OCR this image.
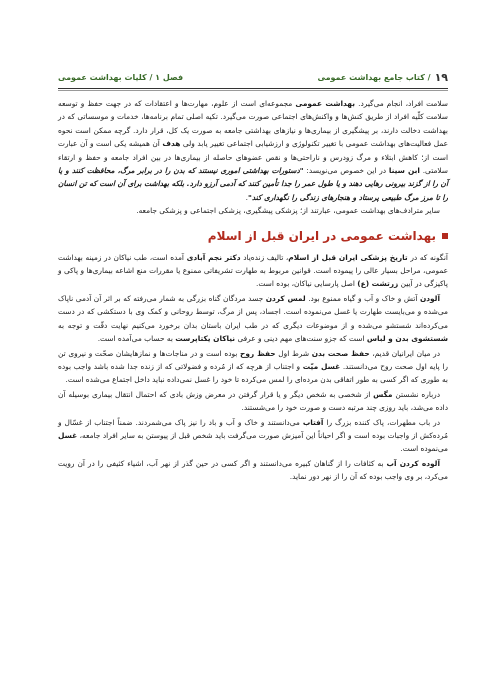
۱۹
/ کتاب جامع بهداشت عمومی
فصل ۱ / کلیات بهداشت عمومی

سلامت افراد، انجام می‌گیرد. بهداشت عمومی مجموعه‌ای است از علوم، مهارت‌ها و اعتقادات که در جهت حفظ و توسعه سلامت کلّیه افراد از طریق کنش‌ها و واکنش‌های اجتماعی صورت می‌گیرد. تکیه اصلی تمام برنامه‌ها، خدمات و موسساتی که در بهداشت دخالت دارند، بر پیشگیری از بیماری‌ها و نیازهای بهداشتی جامعه به صورت یک کل، قرار دارد. گرچه ممکن است نحوه عمل فعالیت‌های بهداشت عمومی با تغییر تکنولوژی و ارزشیابی اجتماعی تغییر یابد ولی هدف آن همیشه یکی است و آن عبارت است از؛ کاهش ابتلاء و مرگ زودرس و ناراحتی‌ها و نقص عضوهای حاصله از بیماری‌ها در بین افراد جامعه و حفظ و ارتقاء سلامتی. ابن سینا در این خصوص می‌نویسد: "دستورات بهداشتی اموری نیستند که بدن را در برابر مرگ، محافظت کنند و یا آن را از گزند بیرونی رهایی دهند و یا طول عمر را جدا تأمین کنند که آدمی آرزو دارد. بلکه بهداشت برای آن است که تن انسان را تا مرز مرگ طبیعی پرستاد و هنجارهای زندگی را نگهداری کند".

سایر مترادف‌های بهداشت عمومی، عبارتند از؛ پزشکی پیشگیری، پزشکی اجتماعی و پزشکی جامعه.

بهداشت عمومی در ایران قبل از اسلام

آنگونه که در تاریخ پزشکی ایران قبل از اسلام، تالیف زنده‌یاد دکتر نجم آبادی آمده است، طب نیاکان در زمینه بهداشت عمومی، مراحل بسیار عالی را پیموده است. قوانین مربوط به طهارت تشریفاتی ممنوع یا مقررات منع اشاعه بیماری‌ها و پاکی و پاکیزگی در آیین زرتشت (ع) اصل پارسایی نیاکان، بوده است.

آلودن آتش و خاک و آب و گیاه ممنوع بود. لمس کردن جسد مردگان گناه بزرگی به شمار می‌رفته که بر اثر آن آدمی ناپاک می‌شده و می‌بایست طهارت یا غسل می‌نموده است. اجساد، پس از مرگ، توسط روحانی و کمک وی با دستکشی که در دست می‌کرده‌اند شستشو می‌شده و از موضوعات دیگری که در طب ایران باستان بدان برخورد می‌کنیم نهایت دقّت و توجه به شستشوی بدن و لباس است که جزو سنت‌های مهم دینی و عرفی نیاکان یکتاپرست به حساب می‌آمده است.

در میان ایرانیان قدیم، حفظ صحت بدن شرط اول حفظ روح بوده است و در مناجات‌ها و نمازهایشان صحّت و نیروی تن را پایه اول صحت روح می‌دانستند. غسل میّت و اجتناب از هرچه که از مُرده و فضولاتی که از زنده جدا شده باشد واجب بوده به طوری که اگر کسی به طور اتفاقی بدن مرده‌ای را لمس می‌کرده تا خود را غسل نمی‌داده نباید داخل اجتماع می‌شده است.

درباره نشستن مگس از شخصی به شخص دیگر و یا قرار گرفتن در معرض وزش بادی که احتمال انتقال بیماری بوسیله آن داده می‌شد، باید روزی چند مرتبه دست و صورت خود را می‌شستند.

در باب مطهرات، پاک کننده بزرگ را آفتاب می‌دانستند و خاک و آب و باد را نیز پاک می‌شمردند. ضمناً اجتناب از غسّال و مُرده‌کش از واجبات بوده است و اگر احیاناً این آمیزش صورت می‌گرفت باید شخص قبل از پیوستن به سایر افراد جامعه، غسل می‌نموده است.

آلوده کردن آب به کثافات را از گناهان کبیره می‌دانستند و اگر کسی در حین گذر از نهر آب، اشیاء کثیفی را در آن رویت می‌کرد، بر وی واجب بوده که آن را از نهر دور نماید.
